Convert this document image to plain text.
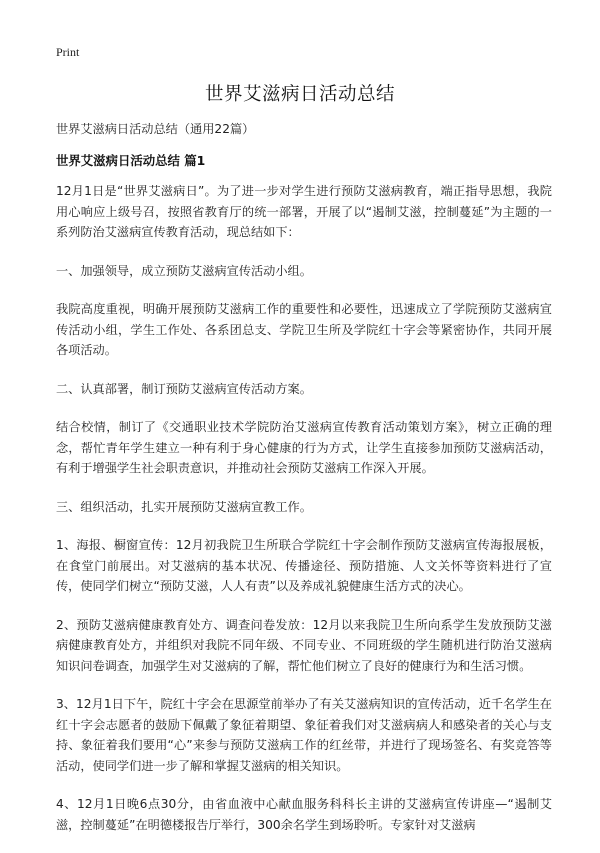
Print
世界艾滋病日活动总结
世界艾滋病日活动总结（通用22篇）
世界艾滋病日活动总结 篇1

12月1日是“世界艾滋病日”。为了进一步对学生进行预防艾滋病教育，端正指导思想，我院用心响应上级号召，按照省教育厅的统一部署，开展了以“遏制艾滋，控制蔓延”为主题的一系列防治艾滋病宣传教育活动，现总结如下：

一、加强领导，成立预防艾滋病宣传活动小组。

我院高度重视，明确开展预防艾滋病工作的重要性和必要性，迅速成立了学院预防艾滋病宣传活动小组，学生工作处、各系团总支、学院卫生所及学院红十字会等紧密协作，共同开展各项活动。

二、认真部署，制订预防艾滋病宣传活动方案。

结合校情，制订了《交通职业技术学院防治艾滋病宣传教育活动策划方案》，树立正确的理念，帮忙青年学生建立一种有利于身心健康的行为方式，让学生直接参加预防艾滋病活动，有利于增强学生社会职责意识，并推动社会预防艾滋病工作深入开展。

三、组织活动，扎实开展预防艾滋病宣教工作。

1、海报、橱窗宣传：12月初我院卫生所联合学院红十字会制作预防艾滋病宣传海报展板，在食堂门前展出。对艾滋病的基本状况、传播途径、预防措施、人文关怀等资料进行了宣传，使同学们树立“预防艾滋，人人有责”以及养成礼貌健康生活方式的决心。

2、预防艾滋病健康教育处方、调查问卷发放：12月以来我院卫生所向系学生发放预防艾滋病健康教育处方，并组织对我院不同年级、不同专业、不同班级的学生随机进行防治艾滋病知识问卷调查，加强学生对艾滋病的了解，帮忙他们树立了良好的健康行为和生活习惯。

3、12月1日下午，院红十字会在思源堂前举办了有关艾滋病知识的宣传活动，近千名学生在红十字会志愿者的鼓励下佩戴了象征着期望、象征着我们对艾滋病病人和感染者的关心与支持、象征着我们要用“心”来参与预防艾滋病工作的红丝带，并进行了现场签名、有奖竞答等活动，使同学们进一步了解和掌握艾滋病的相关知识。

4、12月1日晚6点30分，由省血液中心献血服务科科长主讲的艾滋病宣传讲座—“遏制艾滋，控制蔓延”在明德楼报告厅举行，300余名学生到场聆听。专家针对艾滋病
